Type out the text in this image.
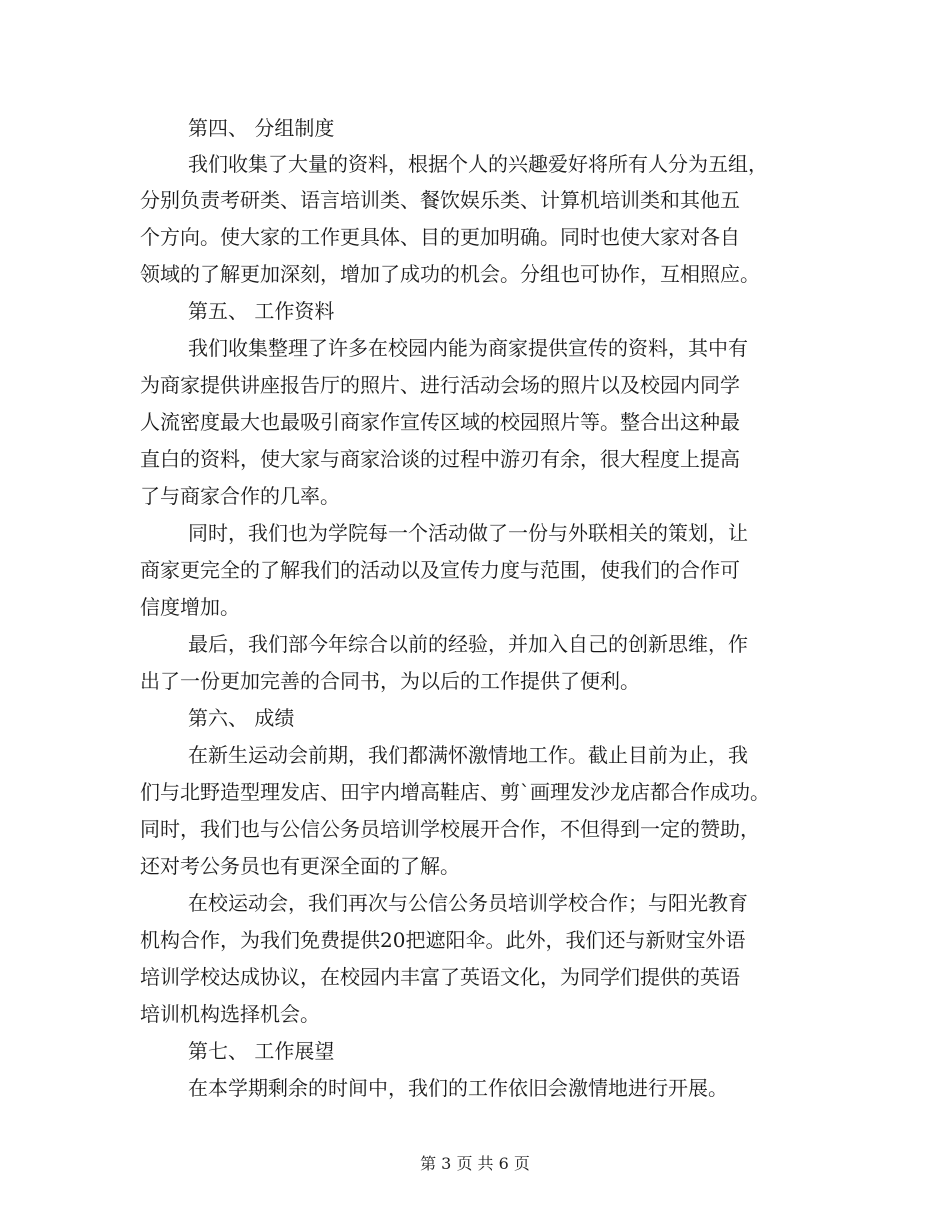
第四、 分组制度
我们收集了大量的资料，根据个人的兴趣爱好将所有人分为五组，
分别负责考研类、语言培训类、餐饮娱乐类、计算机培训类和其他五
个方向。使大家的工作更具体、目的更加明确。同时也使大家对各自
领域的了解更加深刻，增加了成功的机会。分组也可协作，互相照应。
第五、 工作资料
我们收集整理了许多在校园内能为商家提供宣传的资料，其中有
为商家提供讲座报告厅的照片、进行活动会场的照片以及校园内同学
人流密度最大也最吸引商家作宣传区域的校园照片等。整合出这种最
直白的资料，使大家与商家洽谈的过程中游刃有余，很大程度上提高
了与商家合作的几率。
同时，我们也为学院每一个活动做了一份与外联相关的策划，让
商家更完全的了解我们的活动以及宣传力度与范围，使我们的合作可
信度增加。
最后，我们部今年综合以前的经验，并加入自己的创新思维，作
出了一份更加完善的合同书，为以后的工作提供了便利。
第六、 成绩
在新生运动会前期，我们都满怀激情地工作。截止目前为止，我
们与北野造型理发店、田宇内增高鞋店、剪`画理发沙龙店都合作成功。
同时，我们也与公信公务员培训学校展开合作，不但得到一定的赞助，
还对考公务员也有更深全面的了解。
在校运动会，我们再次与公信公务员培训学校合作；与阳光教育
机构合作，为我们免费提供20把遮阳伞。此外，我们还与新财宝外语
培训学校达成协议，在校园内丰富了英语文化，为同学们提供的英语
培训机构选择机会。
第七、 工作展望
在本学期剩余的时间中，我们的工作依旧会激情地进行开展。
第 3 页 共 6 页
